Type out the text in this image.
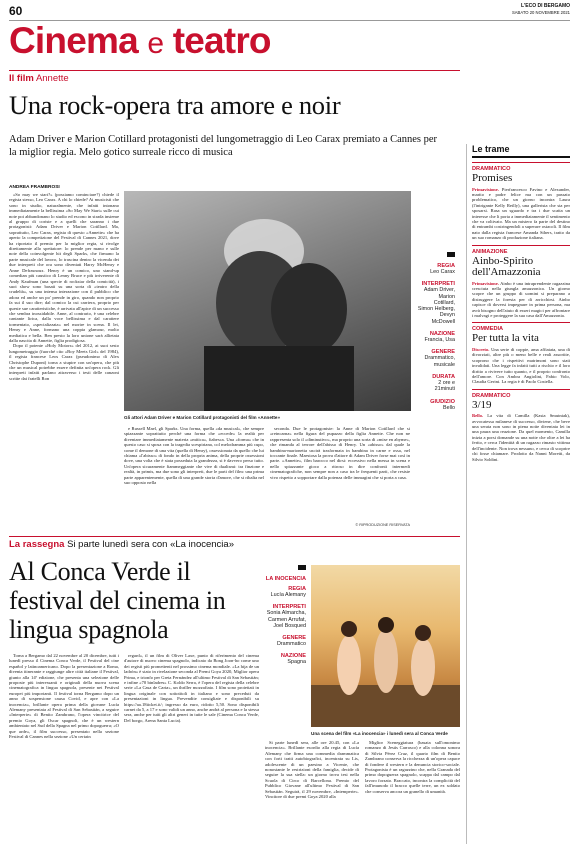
60	L'ECO DI BERGAMO
SABATO 20 NOVEMBRE 2021
Cinema e teatro
Il film Annette
Una rock-opera tra amore e noir
Adam Driver e Marion Cotillard protagonisti del lungometraggio di Leo Carax premiato a Cannes per la miglior regia. Melo gotico surreale ricco di musica
ANDREA FRAMBROSI

«So may we start?» (possiamo cominciare?) chiede il regista stesso, Leo Carax. A chi lo chiede? Ai musicisti che sono in studio, naturalmente, che infatti intonano immediatamente la bellissima «So May We Start» sulle cui note poi abbandonano lo studio ed escono in strada insieme al gruppo di coriste e a quelli che saranno i due protagonisti: Adam Driver e Marion Cotillard. Ma, soprattutto, Leo Carax, regista di questo «Annette» che ha aperto la competizione del Festival di Cannes 2021, dove ha riportato il premio per la miglior regia, si rivolge direttamente allo spettatore: lo prende per mano e sulle note della coinvolgente hit degli Sparks, che firmano la parte musicale del lavoro, lo trascina dentro la vicenda dei due interpreti che ora sono diventati Harry McHenry e Anne Defrasnoux. Henry è un comico, uno stand-up comedian più caustico di Lenny Bruce e più irriverente di Andy Kaufman (una specie di rockstar della comicità), i suoi show sono basati su una sorta di «teatro della crudeltà», su una intensa interazione con il pubblico che adora ed anche un po' prende in giro, quando non proprio fa sui il suo dire; dal comico la cui carriera, proprio per queste sue caratteristiche, è arrivata all'apice di un successo che sembra inossidabile. Anne, al contrario, è una celebre cantante lirica, dalla voce bellissima e dal carattere tormentato, «specializzata» nel morire in scena. Il lei, Henry e Anne, formano una coppia glamour, molto mediatica e bella. Ben presto la loro unione sarà allietata dalla nascita di Annette, figlia prodigiosa.

Dopo il potente «Holy Motors» del 2012, ai suoi sesto lungometraggio (fuorché cito «Boy Meets Girl» del 1984), il regista francese Leos Carax (pseudonimo di Alex Christophe Dupont) torna a stupire con un'opera, che più che un musical potrebbe essere definita un'opera rock. Gli interpreti infatti parlano attraverso i testi delle canzoni scritte dai fratelli Ron

Gli attori Adam Driver e Marion Cotillard protagonisti del film «Annette»
REGIA
Leo Carax
INTERPRETI
Adam Driver, Marion Cotillard, Simon Helberg, Devyn McDowell
NAZIONE
Francia, Usa
GENERE
Drammatico, musicale
DURATA
2 ore e 21minuti
GIUDIZIO
Bello

e Russell Mael, gli Sparks. Una forma, quella «da musical», che sempre spiazzante soprattutto perché una forma che «eccede» la realtà per diventare immediatamente materia «mitica», fiabesca. Una «forma» che in questo caso si sposa con la tragedia scespiriana, col melodramma più cupo, come il demone di una vita (quella di Henry), ossessionata da quello che lui chiama «l'abisso» di fondo in della propria anima, della proprie ossessioni dove, una volta che è stata posseduta la grandezza, si è davvero perso tutto. Un'opera sicuramente fiammeggiante che vive di dualismi: tra finzione e realtà, in primis, ma due sono gli interpreti, due le parti del film: una prima parte apparentemente, quella di una grande storia d'amore, che si ribalta nel suo opposto nella

seconda. Due le protagoniste: la Anne di Marion Cotillard che si «reincarna» nella figura del pupazzo della figlia Annette. Che non ne rappresenta solo il «diminutivo», ma proprio una sorta di «mise en abyme», che rimanda al terrore dell'abisso di Henry. Un «abisso» dal quale la bambina-marionetta uscirà trasformata in bambina in carne e ossa, nel toccante finale. Maestosa la prova d'attore di Adam Driver forse mai così in parte. «Annette», film barocco nel dirsi: eccessivo nella messa in scena e nello spiazzante gioco a ritroso in dire confronti intermedi cinematografiche, non sempre non a caso tra le frequenti parti, che resiste vivo rispetto a sopportare dalla potenza delle immagini che si porta a casa.

© RIPRODUZIONE RISERVATA
La rassegna Si parte lunedì sera con «La inocencia»
Al Conca Verde il festival del cinema in lingua spagnola
LA INOCENCIA
REGIA
Lucía Alemany
INTERPRETI
Sonia Almarcha, Carmen Arrufat, Joel Bosqued
GENERE
Drammatico
NAZIONE
Spagna
Una scena del film «La inocencia» i lunedì sera al Conca Verde

Torna a Bergamo dal 22 novembre al 20 dicembre, tutti i lunedì presso il Cinema Conca Verde, il Festival del cine español y latinoamericano. Dopo la presentazione a Roma, diventa itinerante e raggiunge altre città italiane il Festival, giunto alla 14ª edizione, che presenta una selezione delle proposte più interessanti e originali della nuova scena cinematografica in lingua spagnola, presente nei Festival europei più importanti. Il festival torna Bergamo dopo un anno di sospensione causa Covid, e apre con «La inocencia», brillante opera prima della giovane Lucía Alemany presentata al Festival di San Sebastián, a seguire «Interperie» di Benito Zambrano, l'opera vincitrice del premio Goya, gli Oscar spagnoli, che è un western ambientato nel Sud della Spagna nel primo dopoguerra; «O que arde», il film successo, presentato nella sezione Festival di Cannes nella sezione «Un certain

regard», il un film di Oliver Laxe, punto di riferimento del cinema d'autore di nuovo cinema spagnolo, indicato da Bong Joon-ho come uno dei registi più promettenti nel prossimo cinema mondiale. «La hija de un ladrón» è stato in rivelazione seconda al Premi Goya 2020, Miglior opera Prima, e trionfo per Greta Fernández all'ultimo Festival di San Sebastián; e infine «70 binladres» C. Koldo Serra, è l'opera del regista della celebre serie «La Casa de Carta», un thriller mozzafiato. I film sono proiettati in lingua originale con sottotitoli in italiano e sono preceduti da presentazioni in lingua. Prevendite consigliate e disponibili su https://aa.18ticket.it/; ingresso da euro, ridotto 5,50. Sono disponibili carnet da 5, a 17 e sono validi un anno, anche andrà al persona e la stessa sera, anche per tutti gli altri generi in tutte le sale (Cinema Conca Verde, Del borgo, Arena Santa Lucia).

Si parte lunedì sera, alle ore 20.45, con «La inocencia». Brillante esordio alla regia di Lucía Alemany che firma una commedia drammatica con forti tratti autobiografici, incentrata su Lis, adolescente di un paesino a Vicente, che nonostante le restrizioni della famiglia, decide di seguire la sua stella: un giorno trova tesi nella Scuola di Circo di Barcellona. Premio del Pubblico Giovane all'ultimo Festival di San Sebastián. Seguirà, il 29 novembre, «Intemperie». Vincitore di due premi Goya 2020 alla

Miglior Sceneggiatura (basata sull'omonimo romanzo di Jesús Carrasco) e alla colonna sonora di Silvia Pérez Cruz, il quarto film di Benito Zambrano conserva la ricchezza di un'opera capace di fondere il western e la denuncia storico-sociale. Protagonista è un ragazzino che, nella Granada del primo dopoguerra spagnolo, scappa dal campo dal lavoro forzato. Braccato, incontra la complicità del fall'imunodo il bracco quelle terre, un ex soldato che conserva ancora un granello di umanità.

Le trame
DRAMMATICO
Promises
Primavisione. Pierfrancesco Favino e Alexander, marito e padre felice ma con un passato problematico, che un giorno incontra Laura (l'intrigante Kelly Reilly), una gallerista che sta per sposarsi. Rasa un sguardo e tra i due scatta un interesse che li porta a immediatamente il sentimento che va coltivato. Ma un mistero fa parte del destino di entrambi costringendoli a superare ostacoli. Il film nato dalla regista francese Amanda Sthers, tratto da un suo romanzo di produzione italiana.
ANIMAZIONE
Ainbo-Spirito dell'Amazzonia
Primavisione. Ainbo è una intraprendente ragazzina cresciuta nella giungla amazzonica. Un giorno scopre che un gruppo di uomini si preparano a distruggere la foresta per di arricchirsi. Ainbo capisce di doversi impegnare in prima persona, ma avrà bisogno dell'aiuto di esseri magici per affrontare i malvagi e proteggere la sua casa dall'Amazzonia.
COMMEDIA
Per tutta la vita
Discreto. Una serie di coppie, ama affiatata, una di divorziati, altre più o meno belle e reali assortite, scoprono che i rispettivi matrimoni sono stati invalidati. Una legge fa infatti tutti a rischio e il loro diritto a rivivere tutto quanto, e il proprio confronto dell'amore. Con Ambra Angiolini, Fabio Volo, Claudia Gerini. La regia è di Paolo Costella.
DRAMMATICO
3/19
Bello. La vita di Camilla (Kasia Smutniak), avvocatessa milanese di successo, diviene, che beve una serata non sono in piena notte diventata lei in una paura una reazione. Da quel momento, Camilla inizia a porsi domande su una notte che oltre a lei ha ferito, e cerca l'identità di un ragazzo rimasto vittima dell'incidente. Non trova nessuno, e cerca di scoprire chi fosse chiamare. Prodotto da Nanni Moretti, da Silvio Soldini.
